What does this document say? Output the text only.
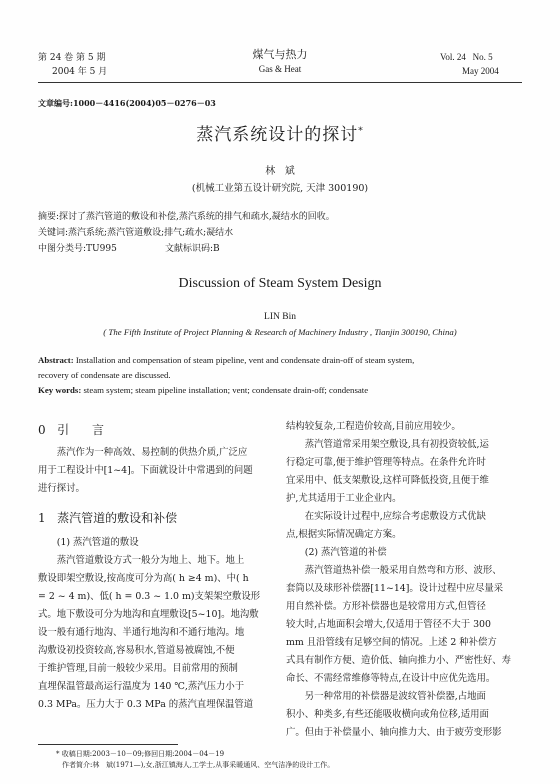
第 24 卷 第 5 期
2004 年 5 月
煤气与热力
Gas & Heat
Vol. 24   No. 5
May 2004
文章编号:1000－4416(2004)05－0276－03
蒸汽系统设计的探讨*
林   斌
(机械工业第五设计研究院, 天津 300190)
摘要:探讨了蒸汽管道的敷设和补偿,蒸汽系统的排气和疏水,凝结水的回收。
关键词:蒸汽系统;蒸汽管道敷设;排气;疏水;凝结水
中图分类号:TU995	文献标识码:B
Discussion of Steam System Design
LIN Bin
( The Fifth Institute of Project Planning & Research of Machinery Industry , Tianjin 300190, China)
Abstract: Installation and compensation of steam pipeline, vent and condensate drain-off of steam system,
recovery of condensate are discussed.
Key words: steam system; steam pipeline installation; vent; condensate drain-off; condensate
0   引      言

蒸汽作为一种高效、易控制的供热介质,广泛应

用于工程设计中[1~4]。下面就设计中常遇到的问题

进行探讨。

1   蒸汽管道的敷设和补偿

(1) 蒸汽管道的敷设

蒸汽管道敷设方式一般分为地上、地下。地上

敷设即架空敷设,按高度可分为高( h ≥4 m)、中( h

= 2 ~ 4 m)、低( h = 0.3 ~ 1.0 m)支架架空敷设形

式。地下敷设可分为地沟和直埋敷设[5~10]。地沟敷

设一般有通行地沟、半通行地沟和不通行地沟。地

沟敷设初投资较高,容易积水,管道易被腐蚀,不便

于维护管理,目前一般较少采用。目前常用的预制

直埋保温管最高运行温度为 140 ℃,蒸汽压力小于

0.3 MPa。压力大于 0.3 MPa 的蒸汽直埋保温管道

结构较复杂,工程造价较高,目前应用较少。

蒸汽管道常采用架空敷设,具有初投资较低,运

行稳定可靠,便于维护管理等特点。在条件允许时

宜采用中、低支架敷设,这样可降低投资,且便于维

护,尤其适用于工业企业内。

在实际设计过程中,应综合考虑敷设方式优缺

点,根据实际情况确定方案。

(2) 蒸汽管道的补偿

蒸汽管道热补偿一般采用自然弯和方形、波形、

套筒以及球形补偿器[11~14]。设计过程中应尽量采

用自然补偿。方形补偿器也是较常用方式,但管径

较大时,占地面积会增大,仅适用于管径不大于 300

mm 且沿管线有足够空间的情况。上述 2 种补偿方

式具有制作方便、造价低、轴向推力小、严密性好、寿

命长、不需经常维修等特点,在设计中应优先选用。

另一种常用的补偿器是波纹管补偿器,占地面

积小、种类多,有些还能吸收横向或角位移,适用面

广。但由于补偿量小、轴向推力大、由于疲劳变形影

* 收稿日期:2003－10－09;修回日期:2004－04－19
作者简介:林   斌(1971—),女,浙江镇海人,工学士,从事采暖通风、空气洁净的设计工作。
